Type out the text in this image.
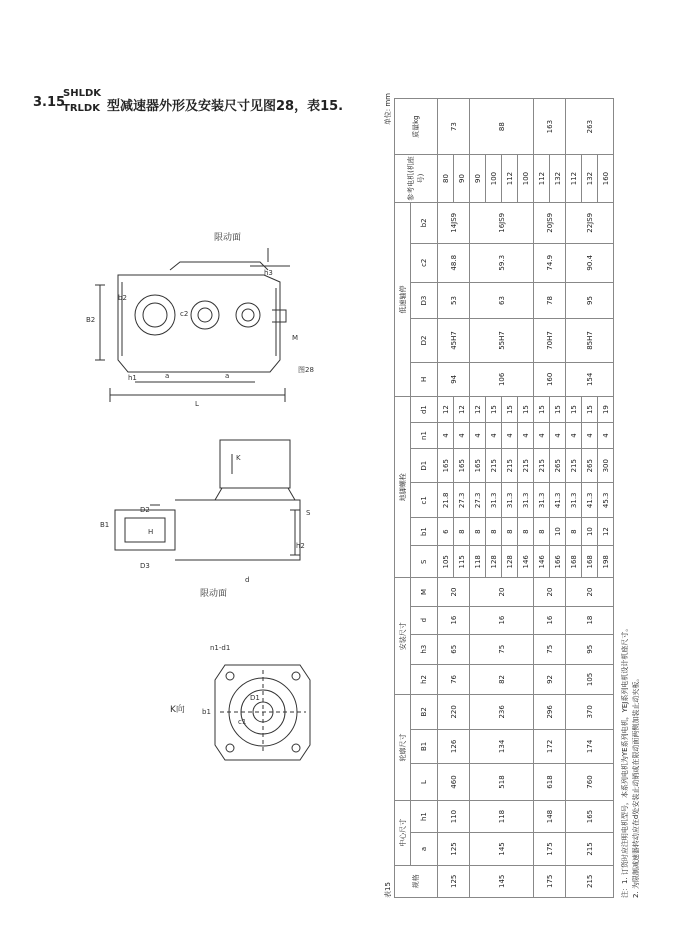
3.15
SHLDK
TRLDK 型减速器外形及安装尺寸见图28，表15.
B2
b2
c2
h1	a	a
L
M
h3
限动面
图28
B1
D2
H
D3
h2
S
d
K
限动面
n1-d1
b1
c1
D1
K向
表15
单位: mm
规格	中心尺寸		轮廓尺寸			安装尺寸				地脚螺栓						低速轴停					参考电机(机座号)	质量kg
	a	h1	L	B1	B2	h2	h3	d	M	S	b1	c1	D1	n1	d1	H	D2	D3	c2	b2		
125	125	110	460	126	220	76	65	16	20	105	6	21.8	165	4	12	94	45H7	53	48.8	14JS9	80	73
										115	8	27.3	165	4	12						90	
145	145	118	518	134	236	82	75	16	20	118	8	27.3	165	4	12	106	55H7	63	59.3	16JS9	90	88
										128	8	31.3	215	4	15						100	
										128	8	31.3	215	4	15						112	
										146	8	31.3	215	4	15						100	
175	175	148	618	172	296	92	75	16	20	146	8	31.3	215	4	15	160	70H7	78	74.9	20JS9	112	163
										166	10	41.3	265	4	15						132	
215	215	165	760	174	370	105	95	18	20	168	8	31.3	215	4	15	154	85H7	95	90.4	22JS9	112	263
										168	10	41.3	265	4	15						132	
										198	12	45.3	300	4	19						160	
注：1. 订货时应注明电机型号，本系列电机为YE系列电机，YEJ系列电机设计机座尺寸。 2. 为限制减速器转动应在d处安装止动销或在限动面两侧加装止动夹板。
